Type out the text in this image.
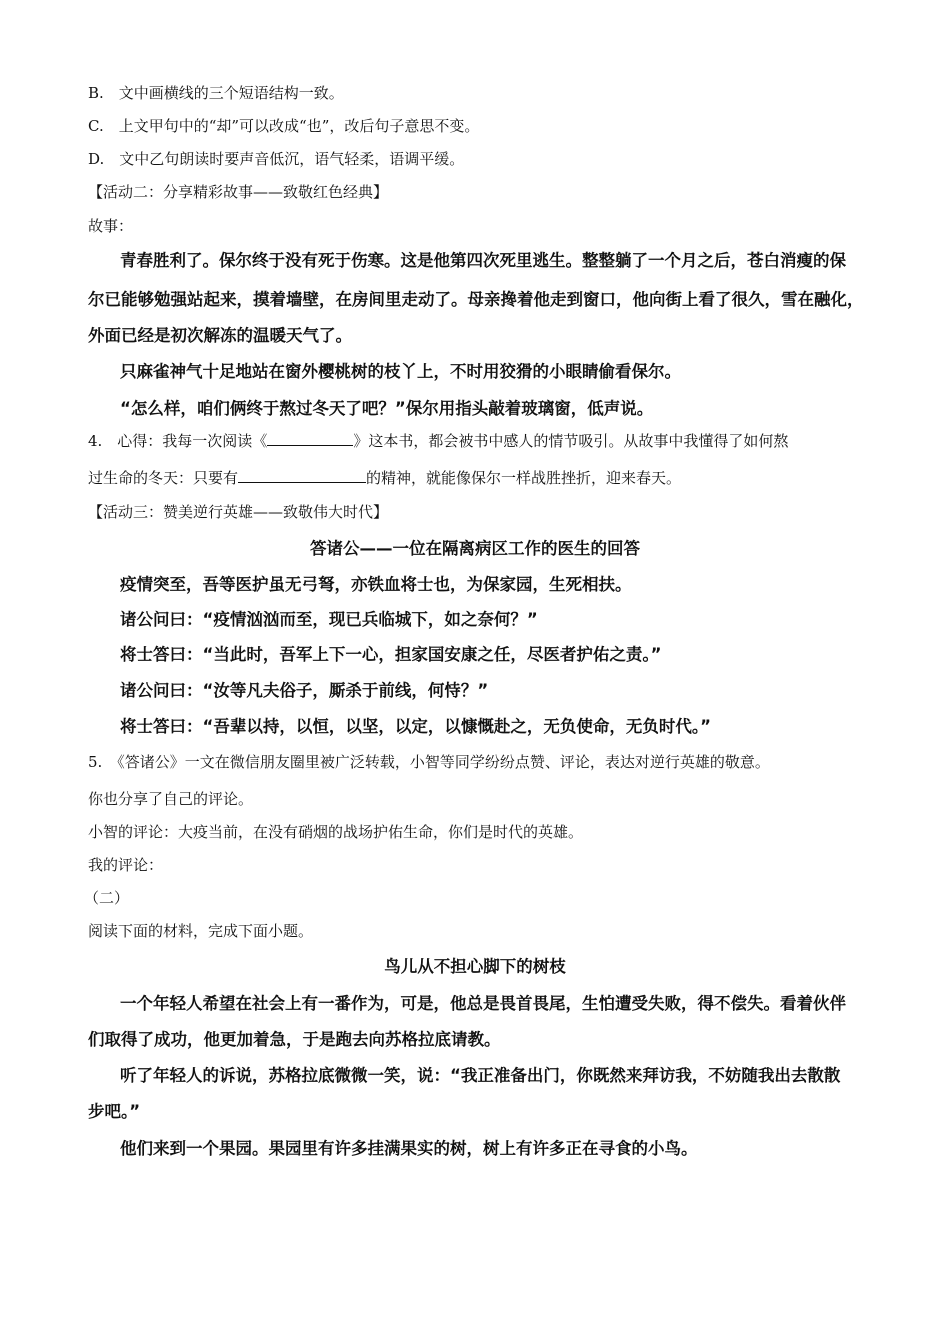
B.　文中画横线的三个短语结构一致。
C.　上文甲句中的“却”可以改成“也”，改后句子意思不变。
D.　文中乙句朗读时要声音低沉，语气轻柔，语调平缓。
【活动二：分享精彩故事——致敬红色经典】
故事：
青春胜利了。保尔终于没有死于伤寒。这是他第四次死里逃生。整整躺了一个月之后，苍白消瘦的保
尔已能够勉强站起来，摸着墙壁，在房间里走动了。母亲搀着他走到窗口，他向街上看了很久，雪在融化，
外面已经是初次解冻的温暖天气了。
只麻雀神气十足地站在窗外樱桃树的枝丫上，不时用狡猾的小眼睛偷看保尔。
“怎么样，咱们俩终于熬过冬天了吧？”保尔用指头敲着玻璃窗，低声说。
4.　心得：我每一次阅读《	》这本书，都会被书中感人的情节吸引。从故事中我懂得了如何熬
过生命的冬天：只要有	的精神，就能像保尔一样战胜挫折，迎来春天。
【活动三：赞美逆行英雄——致敬伟大时代】
答诸公——一位在隔离病区工作的医生的回答
疫情突至，吾等医护虽无弓弩，亦铁血将士也，为保家园，生死相扶。
诸公问曰：“疫情汹汹而至，现已兵临城下，如之奈何？”
将士答曰：“当此时，吾军上下一心，担家国安康之任，尽医者护佑之责。”
诸公问曰：“汝等凡夫俗子，厮杀于前线，何恃？”
将士答曰：“吾辈以持，以恒，以坚，以定，以慷慨赴之，无负使命，无负时代。”
5.　《答诸公》一文在微信朋友圈里被广泛转载，小智等同学纷纷点赞、评论，表达对逆行英雄的敬意。
你也分享了自己的评论。
小智的评论：大疫当前，在没有硝烟的战场护佑生命，你们是时代的英雄。
我的评论：
（二）
阅读下面的材料，完成下面小题。
鸟儿从不担心脚下的树枝
一个年轻人希望在社会上有一番作为，可是，他总是畏首畏尾，生怕遭受失败，得不偿失。看着伙伴
们取得了成功，他更加着急，于是跑去向苏格拉底请教。
听了年轻人的诉说，苏格拉底微微一笑，说：“我正准备出门，你既然来拜访我，不妨随我出去散散
步吧。”
他们来到一个果园。果园里有许多挂满果实的树，树上有许多正在寻食的小鸟。
